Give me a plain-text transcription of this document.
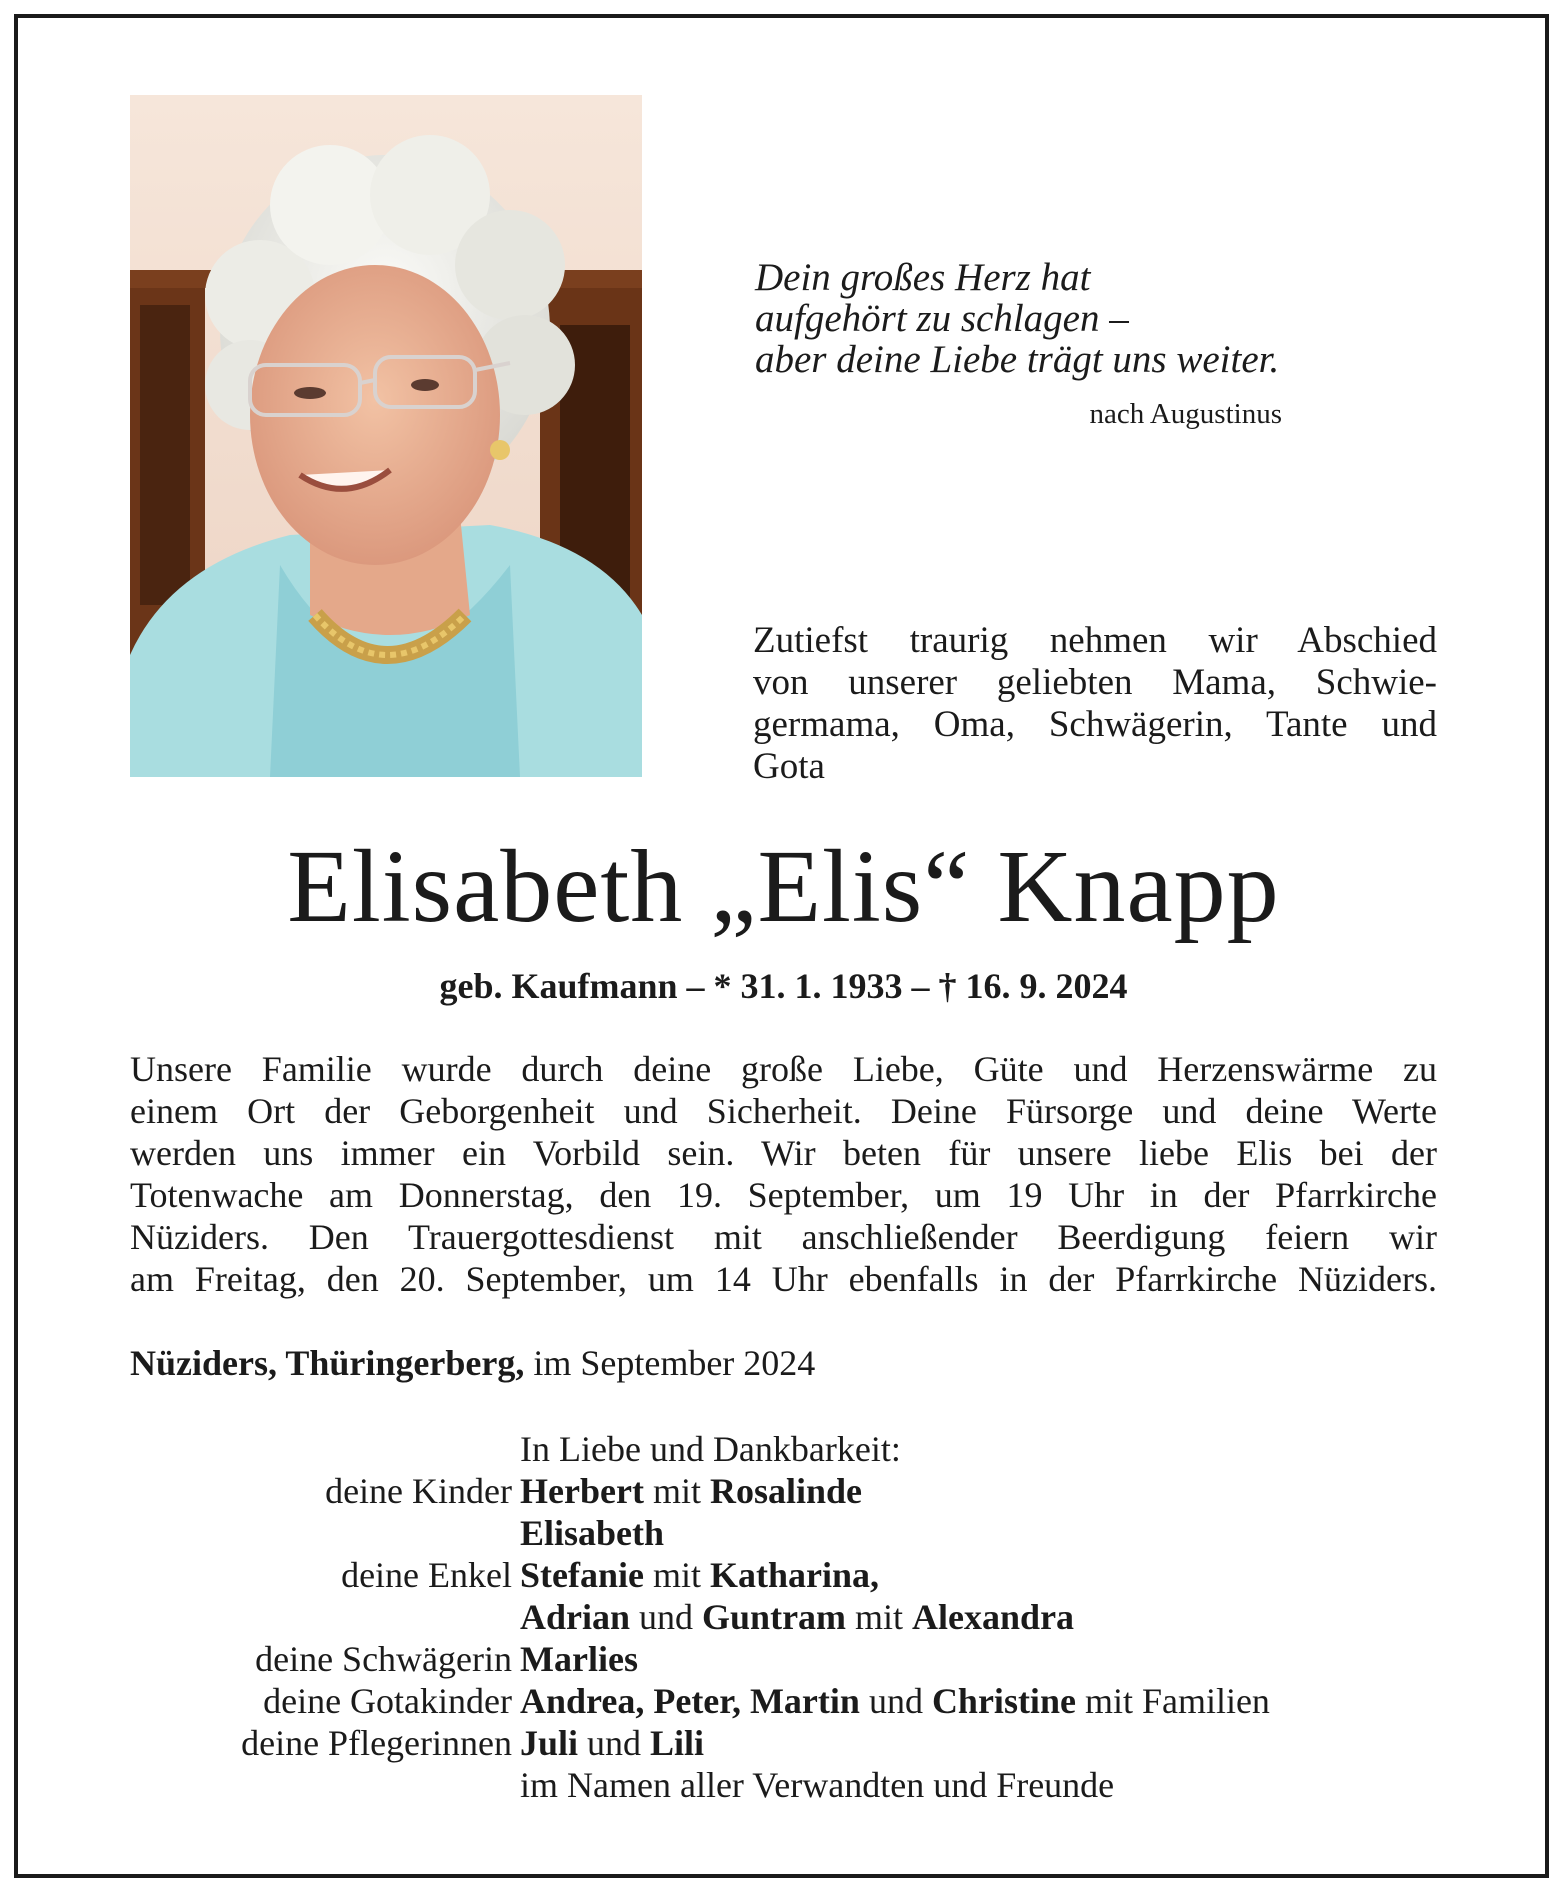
Dein großes Herz hat
aufgehört zu schlagen –
aber deine Liebe trägt uns weiter.
nach Augustinus
Zutiefst traurig nehmen wir Abschied
von unserer geliebten Mama, Schwie-
germama, Oma, Schwägerin, Tante und
Gota
Elisabeth „Elis“ Knapp
geb. Kaufmann – * 31. 1. 1933 – † 16. 9. 2024
Unsere Familie wurde durch deine große Liebe, Güte und Herzenswärme zu
einem Ort der Geborgenheit und Sicherheit. Deine Fürsorge und deine Werte
werden uns immer ein Vorbild sein. Wir beten für unsere liebe Elis bei der
Totenwache am Donnerstag, den 19. September, um 19 Uhr in der Pfarrkirche
Nüziders. Den Trauergottesdienst mit anschließender Beerdigung feiern wir
am Freitag, den 20. September, um 14 Uhr ebenfalls in der Pfarrkirche Nüziders.
Nüziders, Thüringerberg, im September 2024
In Liebe und Dankbarkeit:
deine Kinder Herbert mit Rosalinde
Elisabeth
deine Enkel Stefanie mit Katharina,
Adrian und Guntram mit Alexandra
deine Schwägerin Marlies
deine Gotakinder Andrea, Peter, Martin und Christine mit Familien
deine Pflegerinnen Juli und Lili
im Namen aller Verwandten und Freunde
